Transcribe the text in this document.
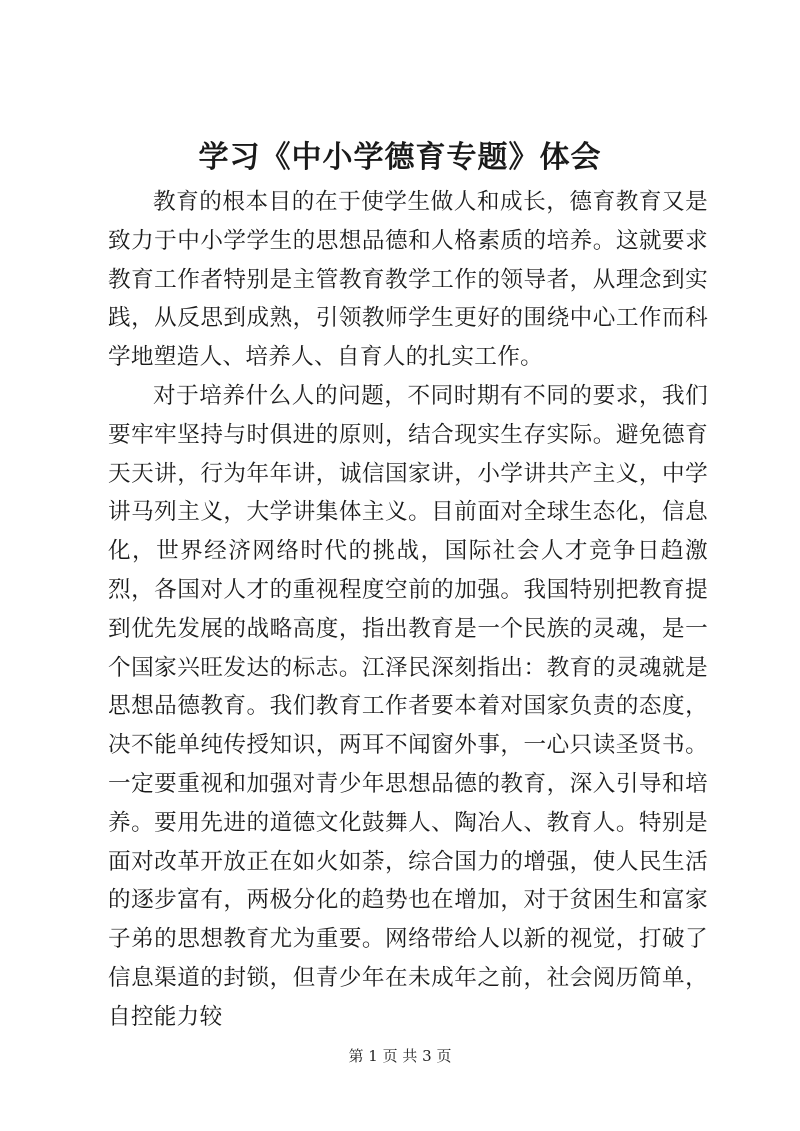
学习《中小学德育专题》体会

教育的根本目的在于使学生做人和成长，德育教育又是致力于中小学学生的思想品德和人格素质的培养。这就要求教育工作者特别是主管教育教学工作的领导者，从理念到实践，从反思到成熟，引领教师学生更好的围绕中心工作而科学地塑造人、培养人、自育人的扎实工作。

对于培养什么人的问题，不同时期有不同的要求，我们要牢牢坚持与时俱进的原则，结合现实生存实际。避免德育天天讲，行为年年讲，诚信国家讲，小学讲共产主义，中学讲马列主义，大学讲集体主义。目前面对全球生态化，信息化，世界经济网络时代的挑战，国际社会人才竞争日趋激烈，各国对人才的重视程度空前的加强。我国特别把教育提到优先发展的战略高度，指出教育是一个民族的灵魂，是一个国家兴旺发达的标志。江泽民深刻指出：教育的灵魂就是思想品德教育。我们教育工作者要本着对国家负责的态度，决不能单纯传授知识，两耳不闻窗外事，一心只读圣贤书。一定要重视和加强对青少年思想品德的教育，深入引导和培养。要用先进的道德文化鼓舞人、陶冶人、教育人。特别是面对改革开放正在如火如荼，综合国力的增强，使人民生活的逐步富有，两极分化的趋势也在增加，对于贫困生和富家子弟的思想教育尤为重要。网络带给人以新的视觉，打破了信息渠道的封锁，但青少年在未成年之前，社会阅历简单，自控能力较

第 1 页 共 3 页
